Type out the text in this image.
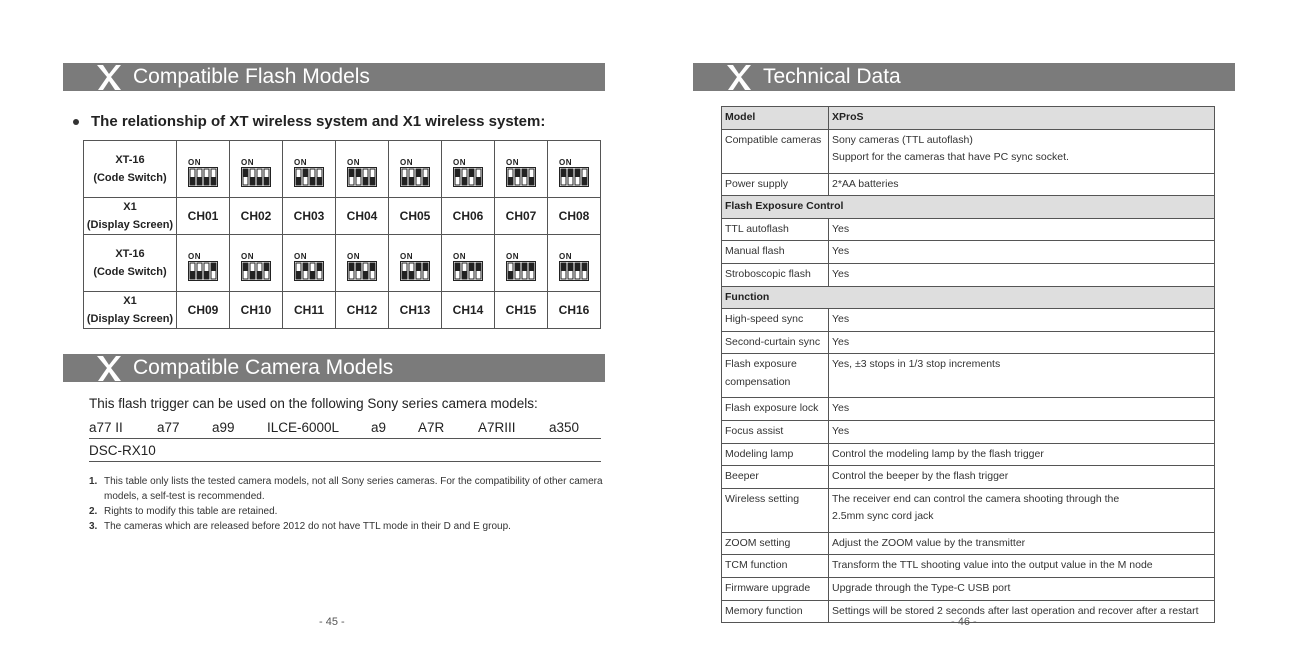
Compatible Flash Models
The relationship of XT wireless system and X1 wireless system:
XT-16
(Code Switch)	ON	ON	ON	ON	ON	ON	ON	ON

X1
(Display Screen)	CH01	CH02	CH03	CH04	CH05	CH06	CH07	CH08

XT-16
(Code Switch)	ON	ON	ON	ON	ON	ON	ON	ON

X1
(Display Screen)	CH09	CH10	CH11	CH12	CH13	CH14	CH15	CH16
Compatible Camera Models
This flash trigger can be used on the following Sony series camera models:
a77 II	a77 a99 ILCE-6000L a9 A7R A7RIII a350
DSC-RX10
1. This table only lists the tested camera models, not all Sony series cameras. For the compatibility of other camera models, a self-test is recommended.
2. Rights to modify this table are retained.
3. The cameras which are released before 2012 do not have TTL mode in their D and E group.
- 45 -
Technical Data
Model	XProS
Compatible cameras	Sony cameras (TTL autoflash)
Support for the cameras that have PC sync socket.

Power supply	2*AA batteries
Flash Exposure Control	
TTL autoflash	Yes
Manual flash	Yes
Stroboscopic flash	Yes
Function	
High-speed sync	Yes
Second-curtain sync	Yes

Flash exposure
compensation	Yes, ±3 stops in 1/3 stop increments
Flash exposure lock	Yes
Focus assist	Yes
Modeling lamp	Control the modeling lamp by the flash trigger
Beeper	Control the beeper by the flash trigger
Wireless setting	The receiver end can control the camera shooting through the
2.5mm sync cord jack

ZOOM setting	Adjust the ZOOM value by the transmitter
TCM function	Transform the TTL shooting value into the output value in the M node
Firmware upgrade	Upgrade through the Type-C USB port
Memory function	Settings will be stored 2 seconds after last operation and recover after a restart
- 46 -
